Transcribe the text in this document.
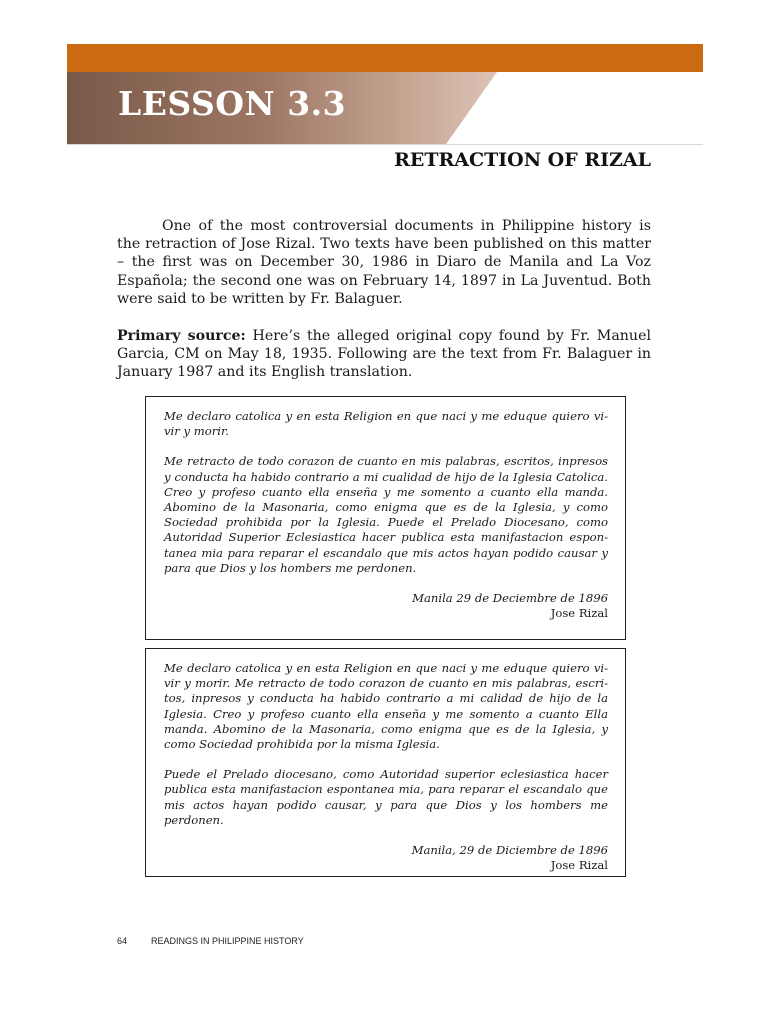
LESSON 3.3
RETRACTION OF RIZAL

One of the most controversial documents in Philippine history is the retraction of Jose Rizal. Two texts have been published on this matter – the first was on December 30, 1986 in Diaro de Manila and La Voz Española; the second one was on February 14, 1897 in La Juventud. Both were said to be written by Fr. Balaguer.

Primary source: Here’s the alleged original copy found by Fr. Manuel Garcia, CM on May 18, 1935. Following are the text from Fr. Balaguer in January 1987 and its English translation.

Me declaro catolica y en esta Religion en que naci y me eduque quiero vi-vir y morir.

Me retracto de todo corazon de cuanto en mis palabras, escritos, inpresos y conducta ha habido contrario a mi cualidad de hijo de la Iglesia Catolica. Creo y profeso cuanto ella enseña y me somento a cuanto ella manda. Abomino de la Masonaria, como enigma que es de la Iglesia, y como Sociedad prohibida por la Iglesia. Puede el Prelado Diocesano, como Autoridad Superior Eclesiastica hacer publica esta manifastacion espon-tanea mia para reparar el escandalo que mis actos hayan podido causar y para que Dios y los hombers me perdonen.

Manila 29 de Deciembre de 1896
Jose Rizal

Me declaro catolica y en esta Religion en que naci y me eduque quiero vi-vir y morir. Me retracto de todo corazon de cuanto en mis palabras, escri-tos, inpresos y conducta ha habido contrario a mi calidad de hijo de la Iglesia. Creo y profeso cuanto ella enseña y me somento a cuanto Ella manda. Abomino de la Masonaria, como enigma que es de la Iglesia, y como Sociedad prohibida por la misma Iglesia.

Puede el Prelado diocesano, como Autoridad superior eclesiastica hacer publica esta manifastacion espontanea mia, para reparar el escandalo que mis actos hayan podido causar, y para que Dios y los hombers me perdonen.

Manila, 29 de Diciembre de 1896
Jose Rizal
64	READINGS IN PHILIPPINE HISTORY
